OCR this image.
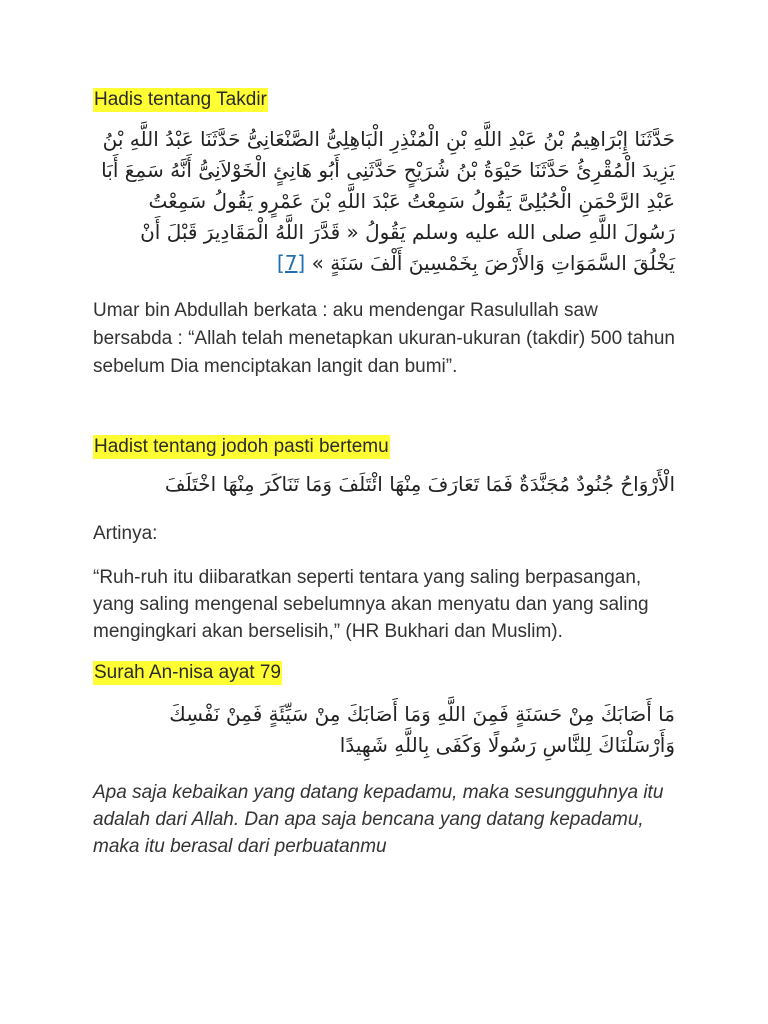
Hadis tentang Takdir

حَدَّثَنَا إِبْرَاهِيمُ بْنُ عَبْدِ اللَّهِ بْنِ الْمُنْذِرِ الْبَاهِلِىُّ الصَّنْعَانِىُّ حَدَّثَنَا عَبْدُ اللَّهِ بْنُ يَزِيدَ الْمُقْرِئُ حَدَّثَنَا حَيْوَةُ بْنُ شُرَيْحٍ حَدَّثَنِى أَبُو هَانِئٍ الْخَوْلاَنِىُّ أَنَّهُ سَمِعَ أَبَا عَبْدِ الرَّحْمَنِ الْحُبُلِىَّ يَقُولُ سَمِعْتُ عَبْدَ اللَّهِ بْنَ عَمْرٍو يَقُولُ سَمِعْتُ رَسُولَ اللَّهِ صلى الله عليه وسلم يَقُولُ « قَدَّرَ اللَّهُ الْمَقَادِيرَ قَبْلَ أَنْ يَخْلُقَ السَّمَوَاتِ وَالأَرْضَ بِخَمْسِينَ أَلْفَ سَنَةٍ » [7]

Umar bin Abdullah berkata : aku mendengar Rasulullah saw bersabda : “Allah telah menetapkan ukuran-ukuran (takdir) 500 tahun sebelum Dia menciptakan langit dan bumi”.

Hadist tentang jodoh pasti bertemu

الْأَرْوَاحُ جُنُودٌ مُجَنَّدَةٌ فَمَا تَعَارَفَ مِنْهَا ائْتَلَفَ وَمَا تَنَاكَرَ مِنْهَا اخْتَلَفَ

Artinya:

“Ruh-ruh itu diibaratkan seperti tentara yang saling berpasangan, yang saling mengenal sebelumnya akan menyatu dan yang saling mengingkari akan berselisih,” (HR Bukhari dan Muslim).

Surah An-nisa ayat 79

مَا أَصَابَكَ مِنْ حَسَنَةٍ فَمِنَ اللَّهِ وَمَا أَصَابَكَ مِنْ سَيِّئَةٍ فَمِنْ نَفْسِكَ وَأَرْسَلْنَاكَ لِلنَّاسِ رَسُولًا وَكَفَى بِاللَّهِ شَهِيدًا

Apa saja kebaikan yang datang kepadamu, maka sesungguhnya itu adalah dari Allah. Dan apa saja bencana yang datang kepadamu, maka itu berasal dari perbuatanmu
